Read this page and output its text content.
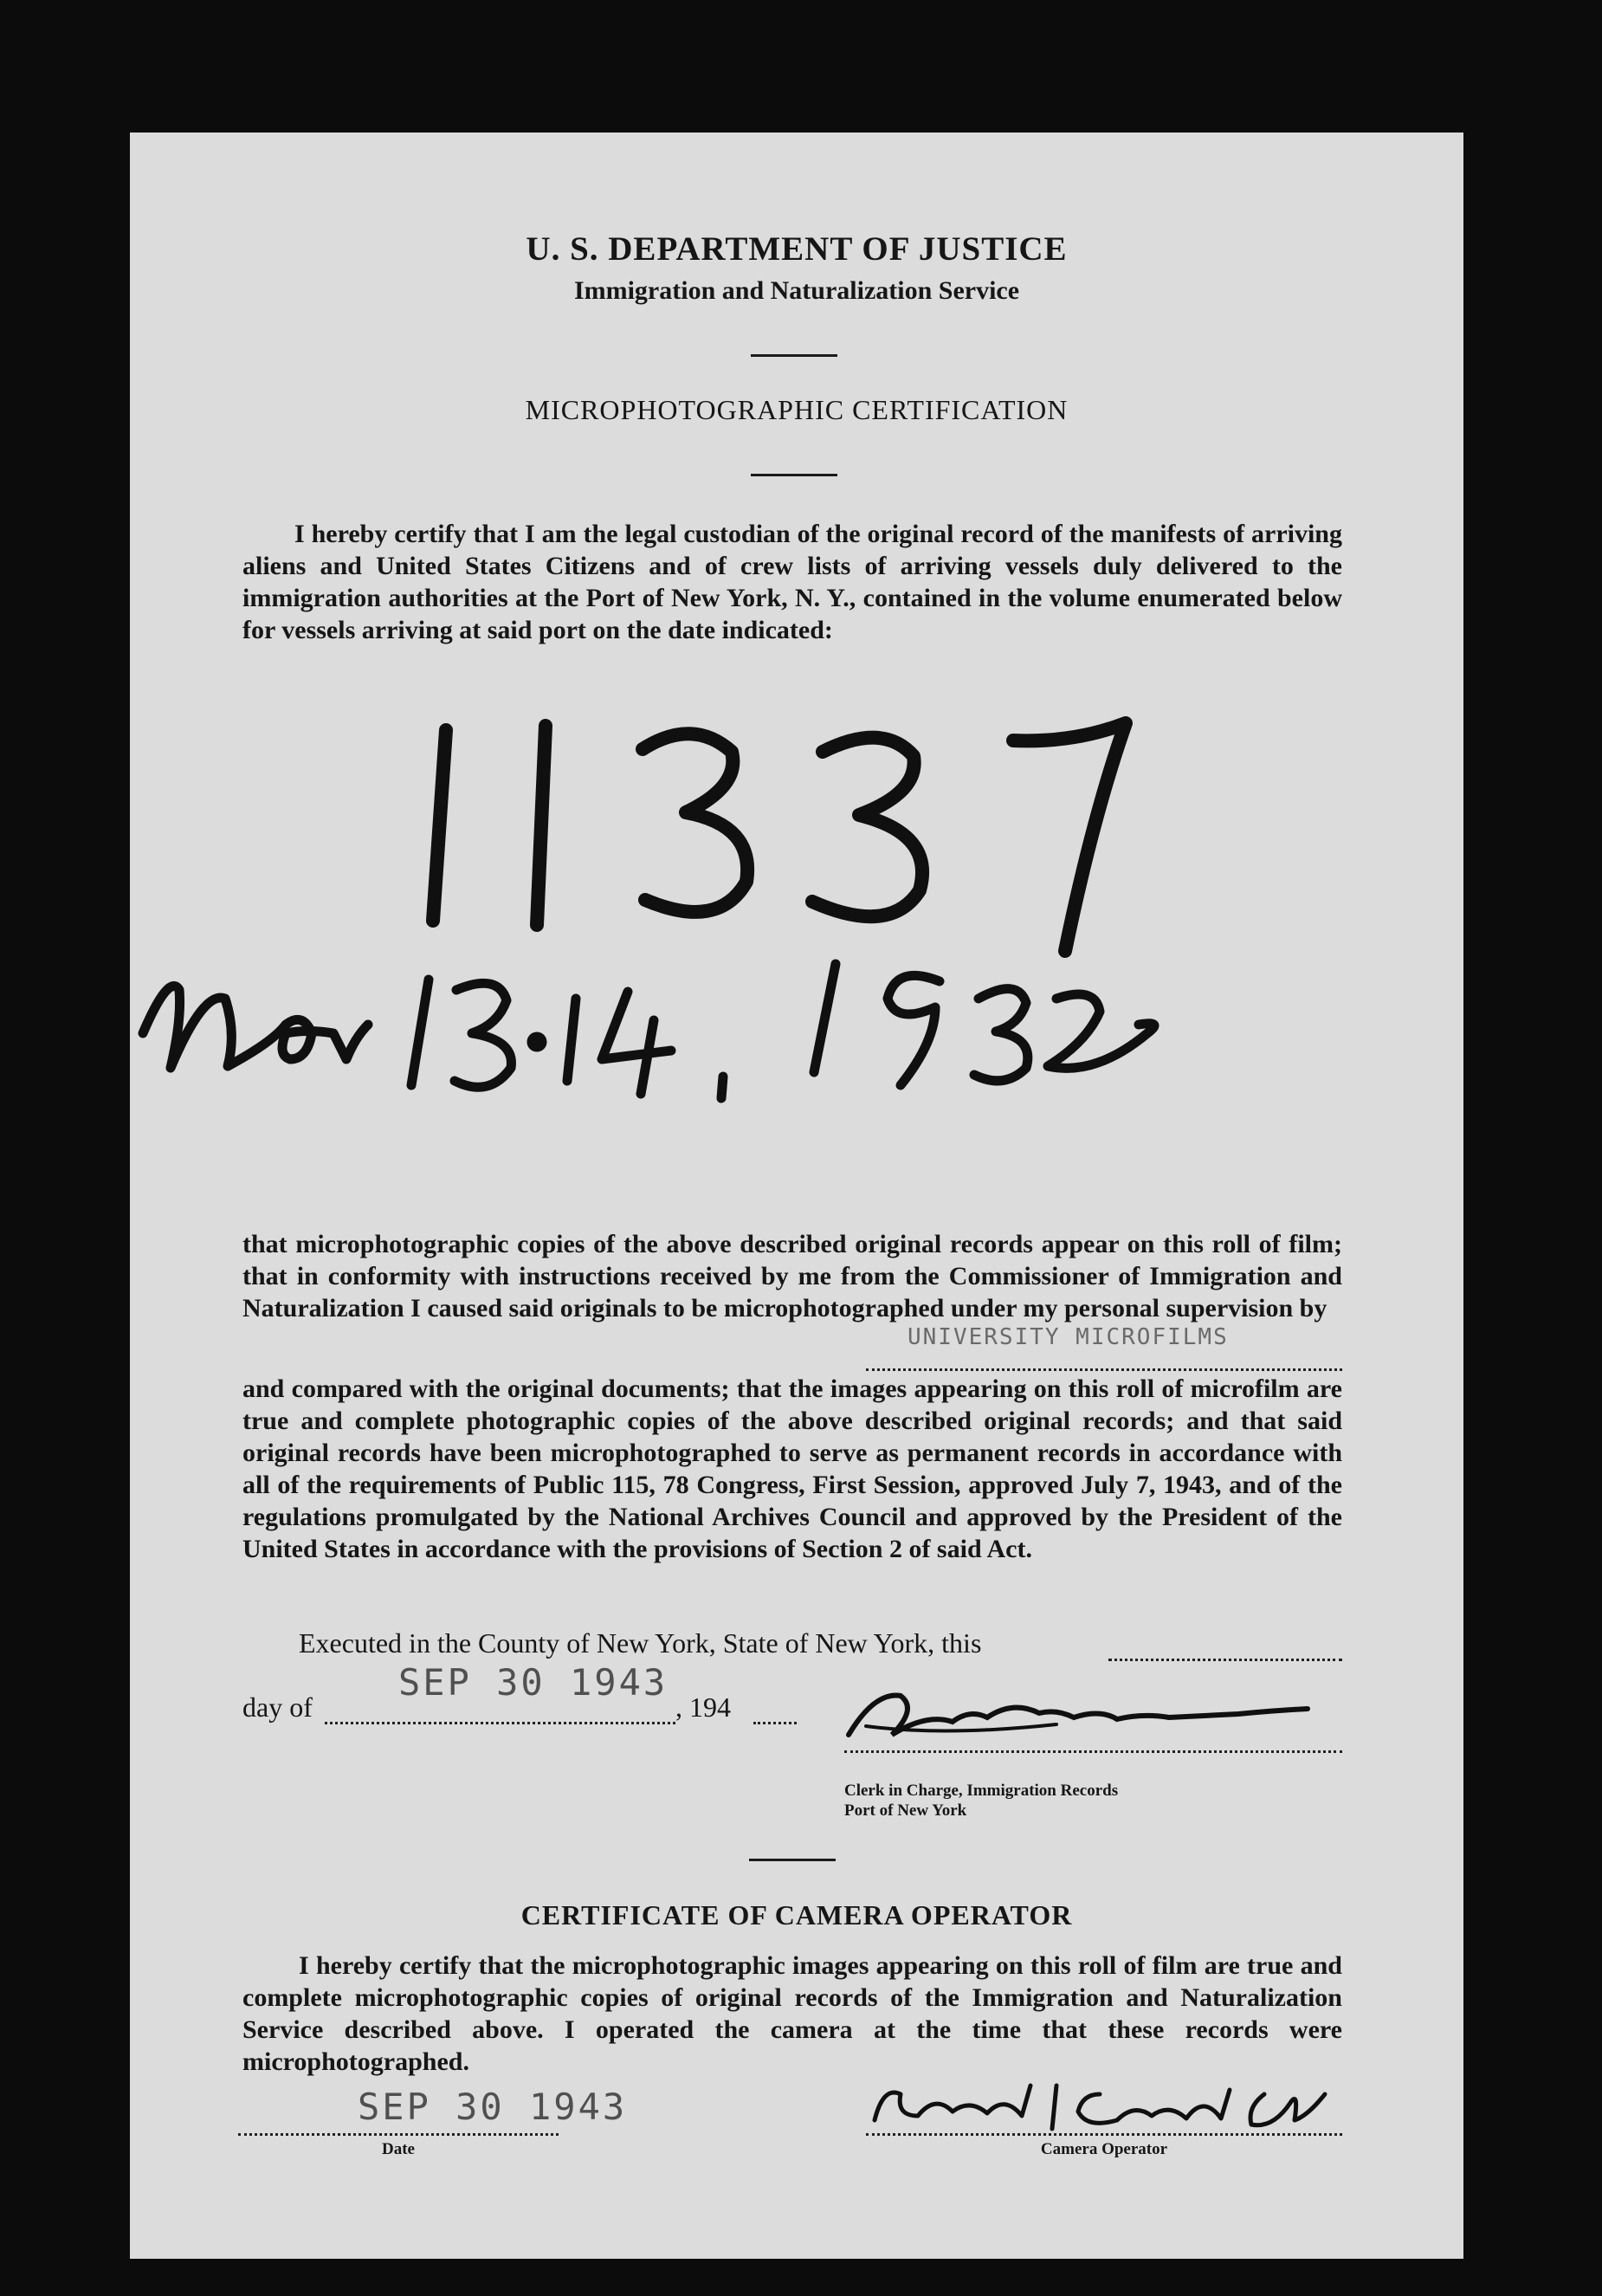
U. S. DEPARTMENT OF JUSTICE
Immigration and Naturalization Service
MICROPHOTOGRAPHIC CERTIFICATION

I hereby certify that I am the legal custodian of the original record of the manifests of arriving aliens and United States Citizens and of crew lists of arriving vessels duly delivered to the immigration authorities at the Port of New York, N. Y., contained in the volume enumerated below for vessels arriving at said port on the date indicated:

11337
Nov 13-14, 1932

that microphotographic copies of the above described original records appear on this roll of film; that in conformity with instructions received by me from the Commissioner of Immigration and Naturalization I caused said originals to be microphotographed under my personal supervision by

UNIVERSITY MICROFILMS

and compared with the original documents; that the images appearing on this roll of microfilm are true and complete photographic copies of the above described original records; and that said original records have been microphotographed to serve as permanent records in accordance with all of the requirements of Public 115, 78 Congress, First Session, approved July 7, 1943, and of the regulations promulgated by the National Archives Council and approved by the President of the United States in accordance with the provisions of Section 2 of said Act.

Executed in the County of New York, State of New York, this
day of
SEP 30 1943
, 194
Geo. Baccare
Clerk in Charge, Immigration Records
Port of New York
CERTIFICATE OF CAMERA OPERATOR

I hereby certify that the microphotographic images appearing on this roll of film are true and complete microphotographic copies of original records of the Immigration and Naturalization Service described above. I operated the camera at the time that these records were microphotographed.

SEP 30 1943
Date
Edward T. Schindler
Camera Operator
